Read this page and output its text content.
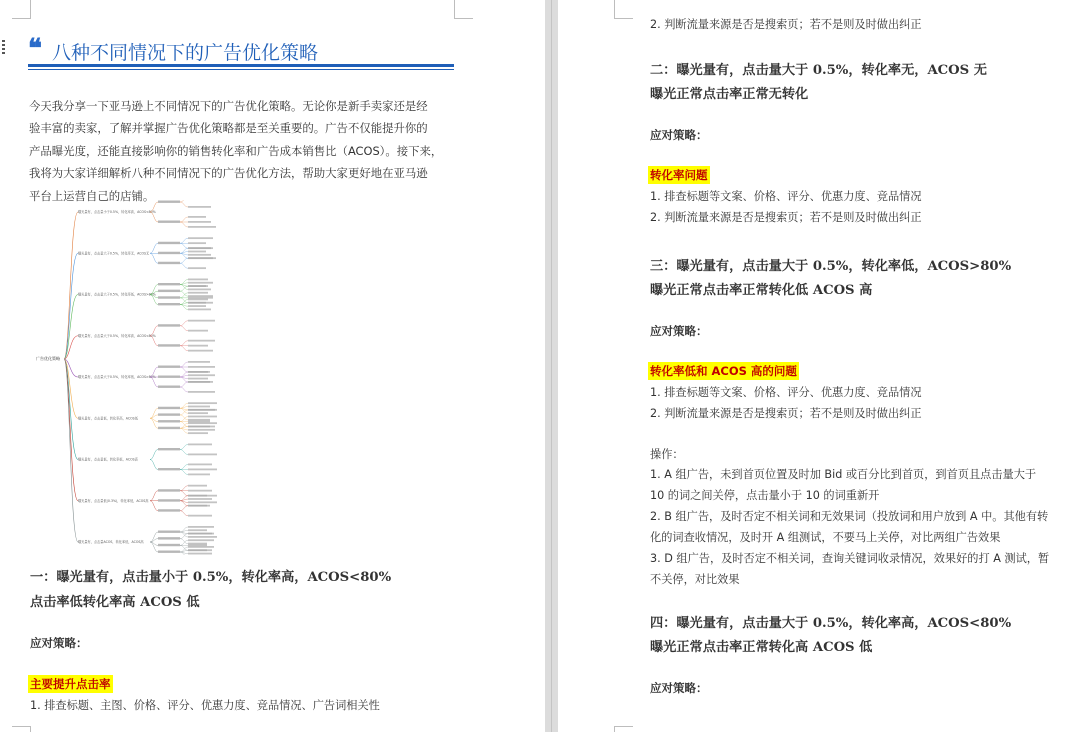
❝ 八种不同情况下的广告优化策略

今天我分享一下亚马逊上不同情况下的广告优化策略。无论你是新手卖家还是经

验丰富的卖家，了解并掌握广告优化策略都是至关重要的。广告不仅能提升你的

产品曝光度，还能直接影响你的销售转化率和广告成本销售比（ACOS）。接下来，

我将为大家详细解析八种不同情况下的广告优化方法，帮助大家更好地在亚马逊

平台上运营自己的店铺。

广告优化策略
曝光量有，点击量小于0.5%，转化率高，ACOS<80%
曝光量有，点击量大于0.5%，转化率无，ACOS无
曝光量有，点击量大于0.5%，转化率低，ACOS>80%
曝光量有，点击量大于0.5%，转化率高，ACOS<80%
曝光量有，点击量大于0.5%，转化率低，ACOS>80%
曝光量有，点击量低，转化率高，ACOS低
曝光量有，点击量低，转化率低，ACOS高
曝光量有，点击量低(0.3%)，转化率低，ACOS高
曝光量有，点击量ACOS，转化率低，ACOS高
一：曝光量有，点击量小于 0.5%，转化率高，ACOS<80%
点击率低转化率高 ACOS 低
应对策略：
主要提升点击率
1. 排查标题、主图、价格、评分、优惠力度、竞品情况、广告词相关性
2. 判断流量来源是否是搜索页；若不是则及时做出纠正
二：曝光量有，点击量大于 0.5%，转化率无，ACOS 无
曝光正常点击率正常无转化
应对策略：
转化率问题
1. 排查标题等文案、价格、评分、优惠力度、竞品情况
2. 判断流量来源是否是搜索页；若不是则及时做出纠正
三：曝光量有，点击量大于 0.5%，转化率低，ACOS>80%
曝光正常点击率正常转化低 ACOS 高
应对策略：
转化率低和 ACOS 高的问题
1. 排查标题等文案、价格、评分、优惠力度、竞品情况
2. 判断流量来源是否是搜索页；若不是则及时做出纠正
操作：
1. A 组广告，未到首页位置及时加 Bid 或百分比到首页，到首页且点击量大于
10 的词之间关停，点击量小于 10 的词重新开
2. B 组广告，及时否定不相关词和无效果词（投放词和用户放到 A 中。其他有转
化的词查收情况，及时开 A 组测试，不要马上关停，对比两组广告效果
3. D 组广告，及时否定不相关词，查询关键词收录情况，效果好的打 A 测试，暂
不关停，对比效果
四：曝光量有，点击量大于 0.5%，转化率高，ACOS<80%
曝光正常点击率正常转化高 ACOS 低
应对策略：
